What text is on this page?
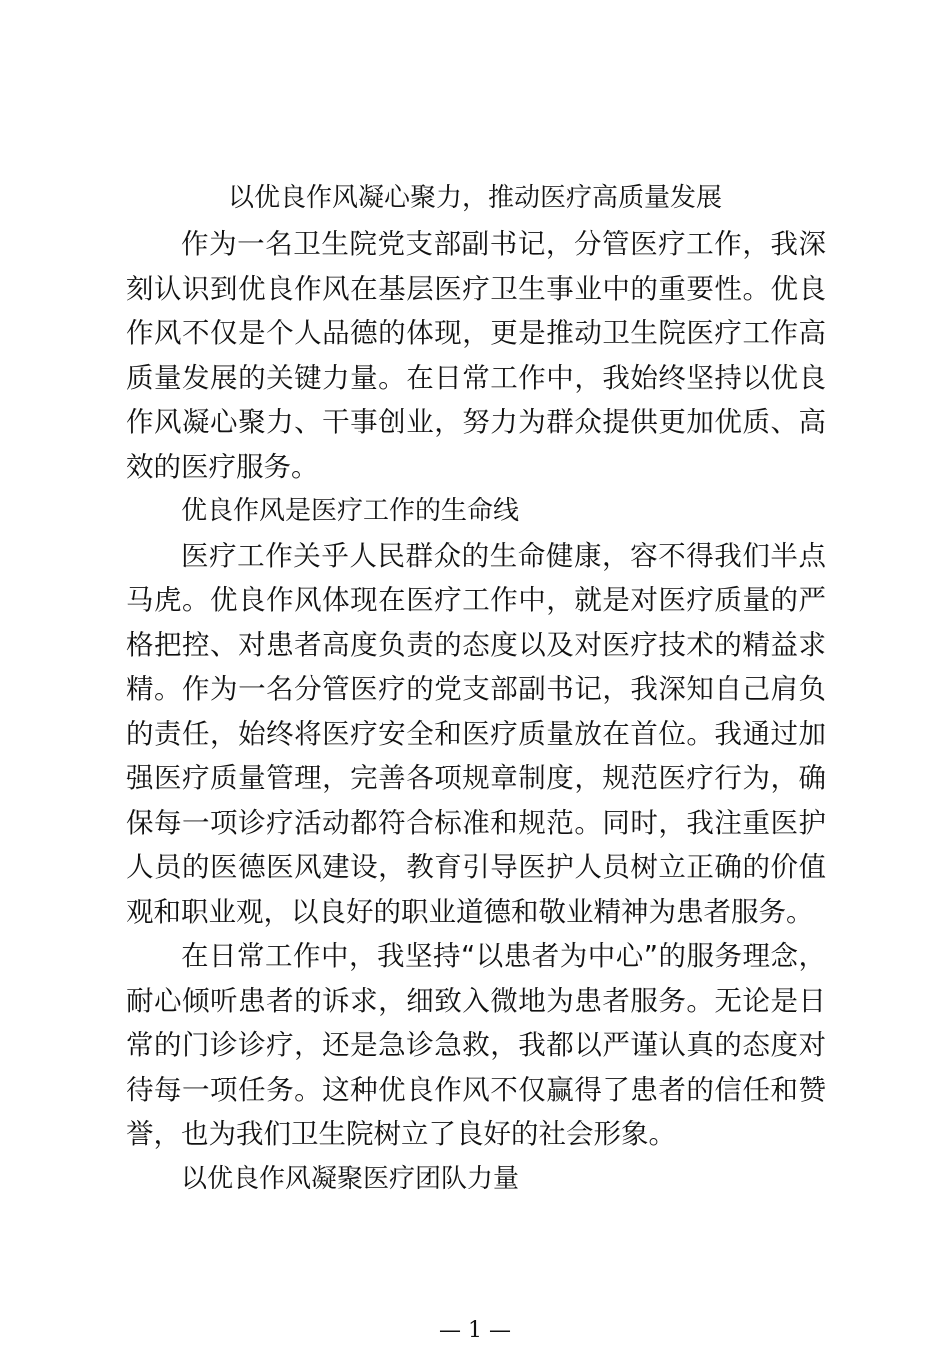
以优良作风凝心聚力，推动医疗高质量发展

作为一名卫生院党支部副书记，分管医疗工作，我深刻认识到优良作风在基层医疗卫生事业中的重要性。优良作风不仅是个人品德的体现，更是推动卫生院医疗工作高质量发展的关键力量。在日常工作中，我始终坚持以优良作风凝心聚力、干事创业，努力为群众提供更加优质、高效的医疗服务。

优良作风是医疗工作的生命线

医疗工作关乎人民群众的生命健康，容不得我们半点马虎。优良作风体现在医疗工作中，就是对医疗质量的严格把控、对患者高度负责的态度以及对医疗技术的精益求精。作为一名分管医疗的党支部副书记，我深知自己肩负的责任，始终将医疗安全和医疗质量放在首位。我通过加强医疗质量管理，完善各项规章制度，规范医疗行为，确保每一项诊疗活动都符合标准和规范。同时，我注重医护人员的医德医风建设，教育引导医护人员树立正确的价值观和职业观，以良好的职业道德和敬业精神为患者服务。

在日常工作中，我坚持“以患者为中心”的服务理念，耐心倾听患者的诉求，细致入微地为患者服务。无论是日常的门诊诊疗，还是急诊急救，我都以严谨认真的态度对待每一项任务。这种优良作风不仅赢得了患者的信任和赞誉，也为我们卫生院树立了良好的社会形象。

以优良作风凝聚医疗团队力量

— 1 —
